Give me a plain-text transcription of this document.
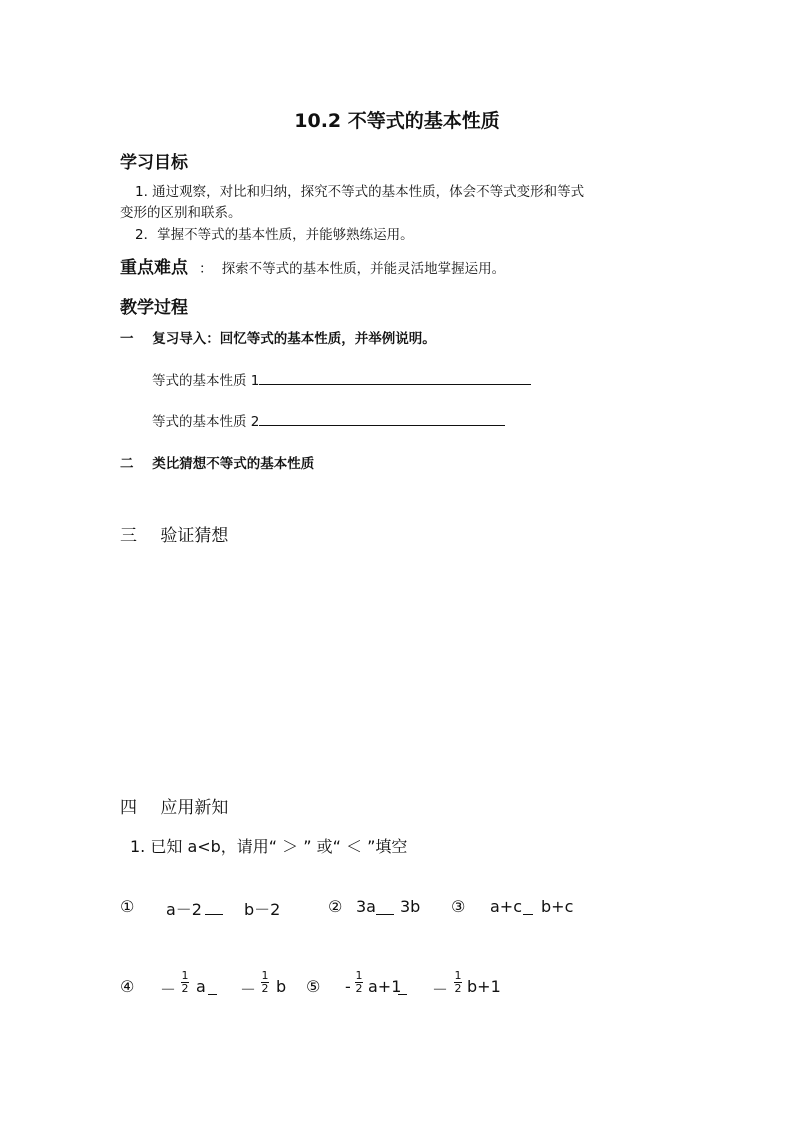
10.2 不等式的基本性质
学习目标
1. 通过观察，对比和归纳，探究不等式的基本性质，体会不等式变形和等式
变形的区别和联系。
2．掌握不等式的基本性质，并能够熟练运用。
重点难点 ： 探索不等式的基本性质，并能灵活地掌握运用。
教学过程
一 复习导入：回忆等式的基本性质，并举例说明。
等式的基本性质 1
等式的基本性质 2
二 类比猜想不等式的基本性质
三 验证猜想
四 应用新知
1. 已知 a<b，请用“ ＞ ” 或“ ＜ ”填空
① a－2	b－2	② 3a 3b ③ a+c b+c
④ －
1
2 a －
1
2 b ⑤ -
1
2 a+1 －
1
2 b+1
